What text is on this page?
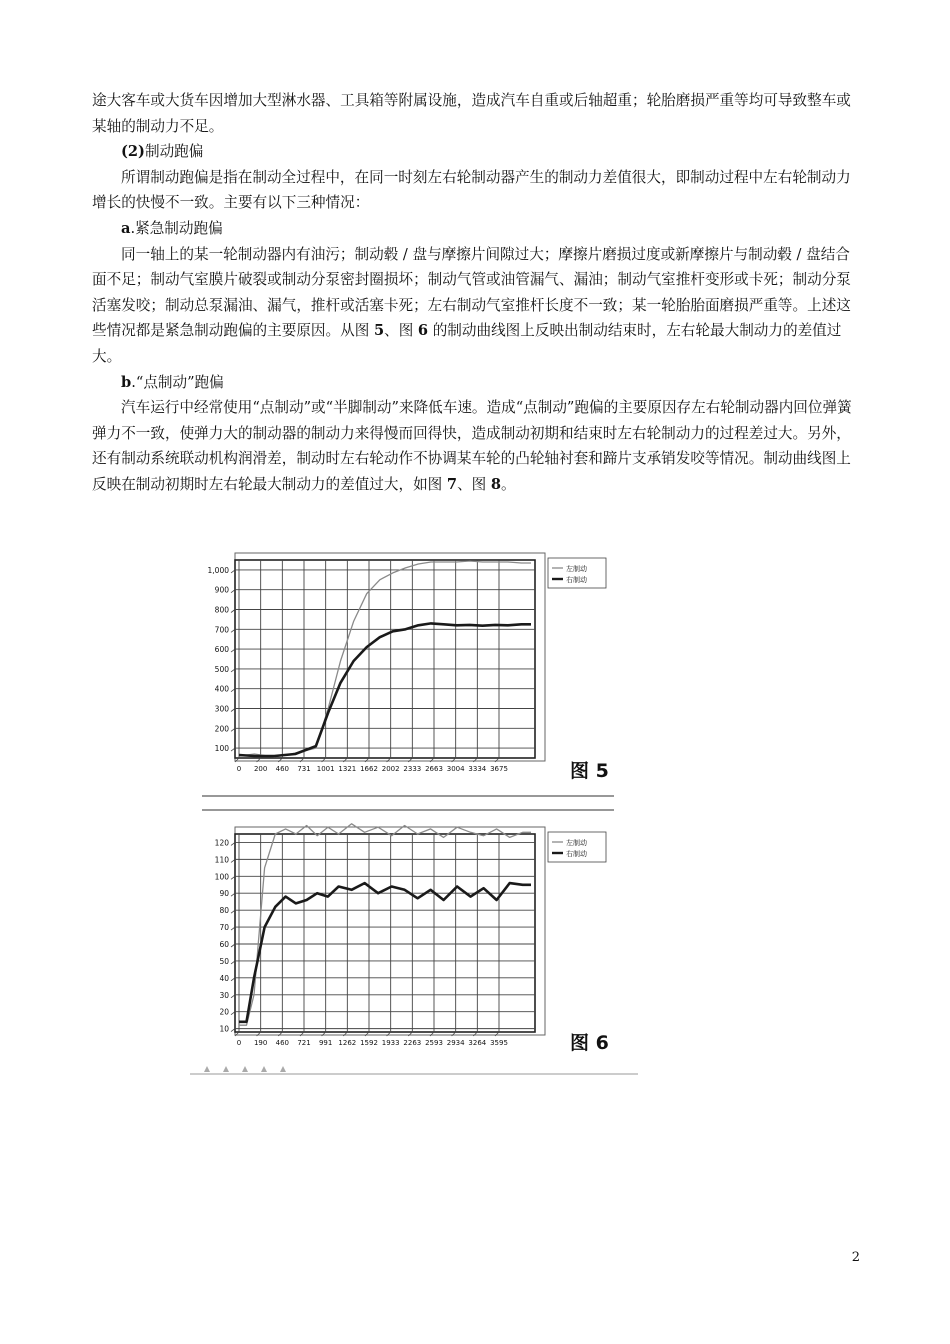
途大客车或大货车因增加大型淋水器、工具箱等附属设施，造成汽车自重或后轴超重；轮胎磨损严重等均可导致整车或某轴的制动力不足。

(2)制动跑偏

所谓制动跑偏是指在制动全过程中，在同一时刻左右轮制动器产生的制动力差值很大，即制动过程中左右轮制动力增长的快慢不一致。主要有以下三种情况：

a.紧急制动跑偏

同一轴上的某一轮制动器内有油污；制动毂 / 盘与摩擦片间隙过大；摩擦片磨损过度或新摩擦片与制动毂 / 盘结合面不足；制动气室膜片破裂或制动分泵密封圈损坏；制动气管或油管漏气、漏油；制动气室推杆变形或卡死；制动分泵活塞发咬；制动总泵漏油、漏气，推杆或活塞卡死；左右制动气室推杆长度不一致；某一轮胎胎面磨损严重等。上述这些情况都是紧急制动跑偏的主要原因。从图 5、图 6 的制动曲线图上反映出制动结束时，左右轮最大制动力的差值过大。

b.“点制动”跑偏

汽车运行中经常使用“点制动”或“半脚制动”来降低车速。造成“点制动”跑偏的主要原因存左右轮制动器内回位弹簧弹力不一致，使弹力大的制动器的制动力来得慢而回得快，造成制动初期和结束时左右轮制动力的过程差过大。另外，还有制动系统联动机构润滑差，制动时左右轮动作不协调某车轮的凸轮轴衬套和蹄片支承销发咬等情况。制动曲线图上反映在制动初期时左右轮最大制动力的差值过大，如图 7、图 8。

100
200
300
400
500
600
700
800
900
1,000
0 200 460 731 1001 1321 1662 2002 2333 2663 3004 3334 3675
左制动
右制动
图 5
10
20
30
40
50
60
70
80
90
100
110
120
0 190 460 721 991 1262 1592 1933 2263 2593 2934 3264 3595
左制动
右制动
图 6
2
